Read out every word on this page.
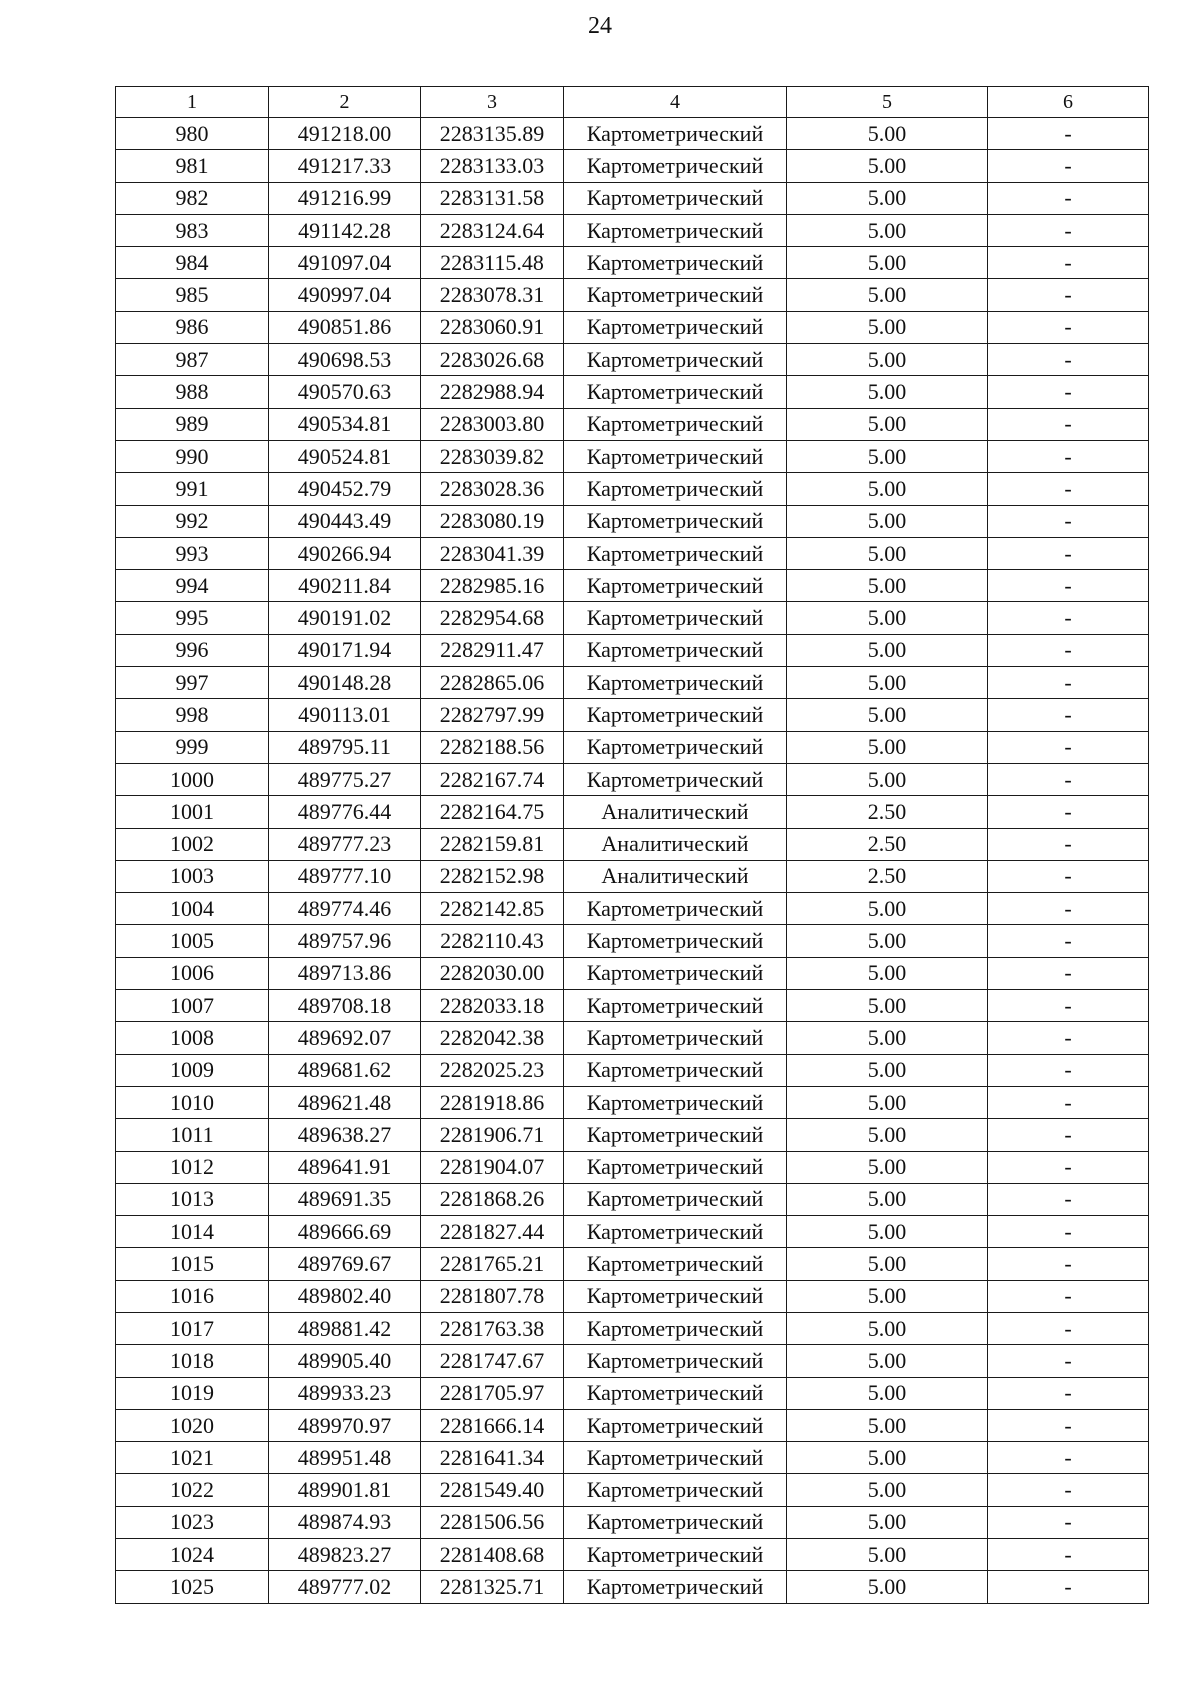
24
1	2	3	4	5	6
980	491218.00	2283135.89	Картометрический	5.00	-
981	491217.33	2283133.03	Картометрический	5.00	-
982	491216.99	2283131.58	Картометрический	5.00	-
983	491142.28	2283124.64	Картометрический	5.00	-
984	491097.04	2283115.48	Картометрический	5.00	-
985	490997.04	2283078.31	Картометрический	5.00	-
986	490851.86	2283060.91	Картометрический	5.00	-
987	490698.53	2283026.68	Картометрический	5.00	-
988	490570.63	2282988.94	Картометрический	5.00	-
989	490534.81	2283003.80	Картометрический	5.00	-
990	490524.81	2283039.82	Картометрический	5.00	-
991	490452.79	2283028.36	Картометрический	5.00	-
992	490443.49	2283080.19	Картометрический	5.00	-
993	490266.94	2283041.39	Картометрический	5.00	-
994	490211.84	2282985.16	Картометрический	5.00	-
995	490191.02	2282954.68	Картометрический	5.00	-
996	490171.94	2282911.47	Картометрический	5.00	-
997	490148.28	2282865.06	Картометрический	5.00	-
998	490113.01	2282797.99	Картометрический	5.00	-
999	489795.11	2282188.56	Картометрический	5.00	-
1000	489775.27	2282167.74	Картометрический	5.00	-
1001	489776.44	2282164.75	Аналитический	2.50	-
1002	489777.23	2282159.81	Аналитический	2.50	-
1003	489777.10	2282152.98	Аналитический	2.50	-
1004	489774.46	2282142.85	Картометрический	5.00	-
1005	489757.96	2282110.43	Картометрический	5.00	-
1006	489713.86	2282030.00	Картометрический	5.00	-
1007	489708.18	2282033.18	Картометрический	5.00	-
1008	489692.07	2282042.38	Картометрический	5.00	-
1009	489681.62	2282025.23	Картометрический	5.00	-
1010	489621.48	2281918.86	Картометрический	5.00	-
1011	489638.27	2281906.71	Картометрический	5.00	-
1012	489641.91	2281904.07	Картометрический	5.00	-
1013	489691.35	2281868.26	Картометрический	5.00	-
1014	489666.69	2281827.44	Картометрический	5.00	-
1015	489769.67	2281765.21	Картометрический	5.00	-
1016	489802.40	2281807.78	Картометрический	5.00	-
1017	489881.42	2281763.38	Картометрический	5.00	-
1018	489905.40	2281747.67	Картометрический	5.00	-
1019	489933.23	2281705.97	Картометрический	5.00	-
1020	489970.97	2281666.14	Картометрический	5.00	-
1021	489951.48	2281641.34	Картометрический	5.00	-
1022	489901.81	2281549.40	Картометрический	5.00	-
1023	489874.93	2281506.56	Картометрический	5.00	-
1024	489823.27	2281408.68	Картометрический	5.00	-
1025	489777.02	2281325.71	Картометрический	5.00	-
